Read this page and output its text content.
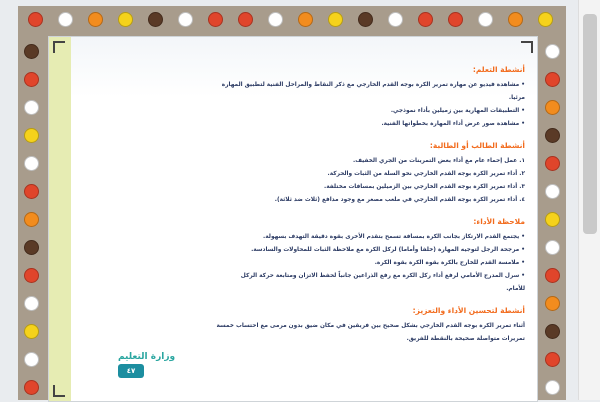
أنشطة التعلم:
• مشاهدة فيديو عن مهارة تمرير الكرة بوجه القدم الخارجي مع ذكر النقاط والمراحل الفنية لتطبيق المهارة
مرئيا.
• التطبيقات المهارية بين زميلين بأداء نموذجي.
• مشاهدة صور عرض أداء المهارة بخطواتها الفنية.
أنشطة الطالب أو الطالبة:
١. عمل إحماء عام مع أداء بعض التمرينات من الجري الخفيف.
٢. أداء تمرير الكرة بوجه القدم الخارجي نحو السلة من الثبات والحركة.
٣. أداء تمرير الكرة بوجه القدم الخارجي بين الزميلين بمسافات مختلفة.
٤. أداء تمرير الكرة بوجه القدم الخارجي في ملعب مصغر مع وجود مدافع (ثلاث ضد ثلاثة).
ملاحظة الأداء:
• يجتمع القدم الارتكاز بجانب الكرة بمسافة تسمح بتقدم الأخرى بقوة دقيقة التهدف بسهولة.
• مرجحة الرجل لتوجيه المهارة (خلفا وأماما) لركل الكرة مع ملاحظة الثبات للمحاولات والسادسة.
• ملامسة القدم للخارج بالكرة بقوة الكرة بقوة الكرة.
• سرل المدرج الأمامي لرفع أداء ركل الكرة مع رفع الذراعين جانباً لحفظ الاتزان ومتابعة حركة الركل
للأمام.
أنشطة لتحسين الأداء والتعزيز:
أثناء تمرير الكرة بوجه القدم الخارجي بشكل صحيح بين فريقين في مكان ضيق بدون مرمى مع احتساب خمسة
تمريرات متواصلة صحيحة بالنقطة للفريق.
وزارة التعليم
٤٧
